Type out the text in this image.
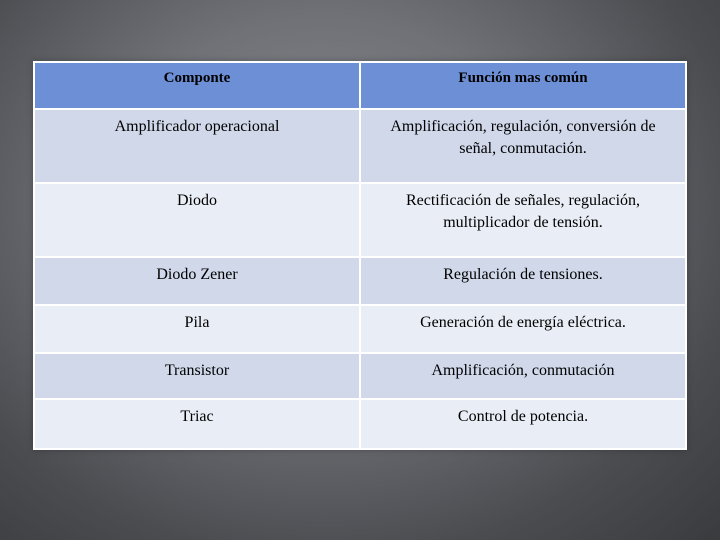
Componte	Función mas común
Amplificador operacional	Amplificación, regulación, conversión de señal, conmutación.
Diodo	Rectificación de señales, regulación, multiplicador de tensión.
Diodo Zener	Regulación de tensiones.
Pila	Generación de energía eléctrica.
Transistor	Amplificación, conmutación
Triac	Control de potencia.
